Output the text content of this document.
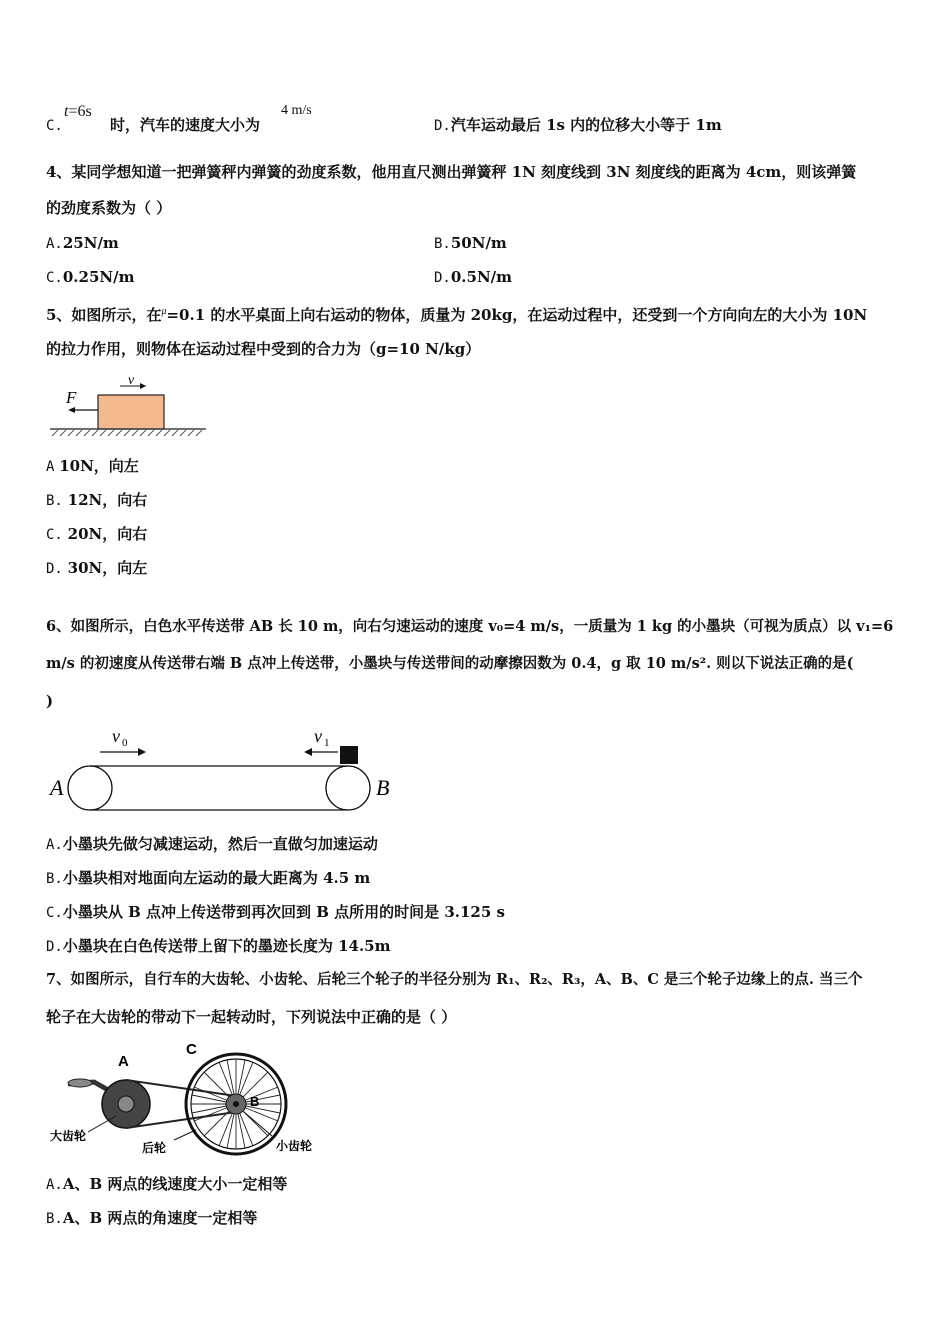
C.
t=6s
时，汽车的速度大小为
4 m/s
D.汽车运动最后 1s 内的位移大小等于 1m
4、某同学想知道一把弹簧秤内弹簧的劲度系数，他用直尺测出弹簧秤 1N 刻度线到 3N 刻度线的距离为 4cm，则该弹簧
的劲度系数为（ ）
A.25N/m	B.50N/m
C.0.25N/m	D.0.5N/m
5、如图所示，在$^\mu$=0.1 的水平桌面上向右运动的物体，质量为 20kg，在运动过程中，还受到一个方向向左的大小为 10N
的拉力作用，则物体在运动过程中受到的合力为（g=10 N/kg）
v
F
A 10N，向左
B. 12N，向右
C. 20N，向右
D. 30N，向左
6、如图所示，白色水平传送带 AB 长 10 m，向右匀速运动的速度 v₀=4 m/s，一质量为 1 kg 的小墨块（可视为质点）以 v₁=6
m/s 的初速度从传送带右端 B 点冲上传送带，小墨块与传送带间的动摩擦因数为 0.4，g 取 10 m/s². 则以下说法正确的是(
)
v 0	v 1
A	B
A.小墨块先做匀减速运动，然后一直做匀加速运动
B.小墨块相对地面向左运动的最大距离为 4.5 m
C.小墨块从 B 点冲上传送带到再次回到 B 点所用的时间是 3.125 s
D.小墨块在白色传送带上留下的墨迹长度为 14.5m
7、如图所示，自行车的大齿轮、小齿轮、后轮三个轮子的半径分别为 R₁、R₂、R₃，A、B、C 是三个轮子边缘上的点. 当三个
轮子在大齿轮的带动下一起转动时，下列说法中正确的是（ ）
A
C
B
大齿轮
后轮	小齿轮
A.A、B 两点的线速度大小一定相等
B.A、B 两点的角速度一定相等
